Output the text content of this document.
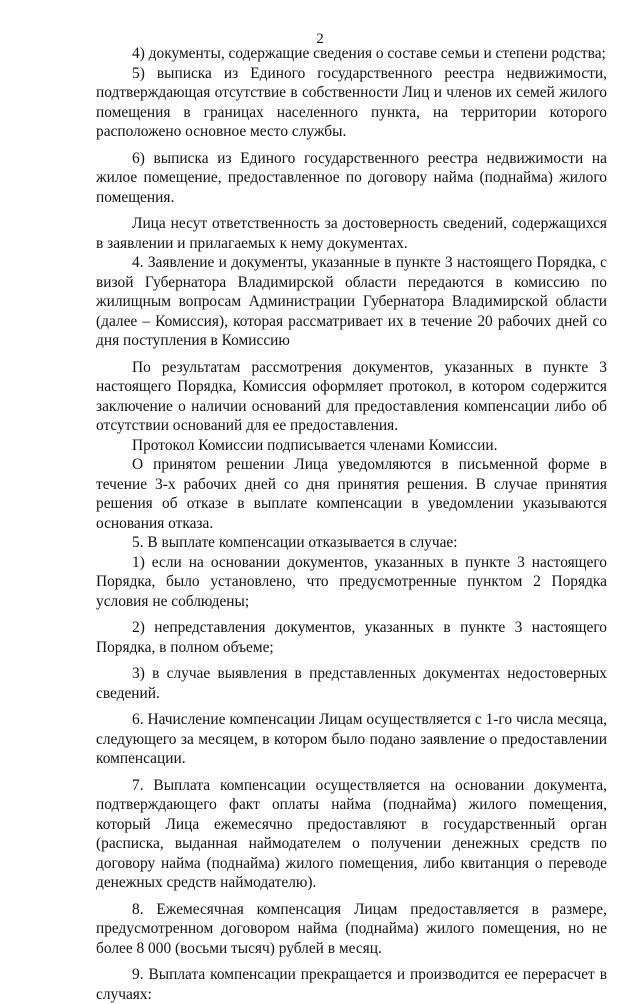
2

4) документы, содержащие сведения о составе семьи и степени родства;

5) выписка из Единого государственного реестра недвижимости, подтверждающая отсутствие в собственности Лиц и членов их семей жилого помещения в границах населенного пункта, на территории которого расположено основное место службы.

6) выписка из Единого государственного реестра недвижимости на жилое помещение, предоставленное по договору найма (поднайма) жилого помещения.

Лица несут ответственность за достоверность сведений, содержащихся в заявлении и прилагаемых к нему документах.

4. Заявление и документы, указанные в пункте 3 настоящего Порядка, с визой Губернатора Владимирской области передаются в комиссию по жилищным вопросам Администрации Губернатора Владимирской области (далее – Комиссия), которая рассматривает их в течение 20 рабочих дней со дня поступления в Комиссию

По результатам рассмотрения документов, указанных в пункте 3 настоящего Порядка, Комиссия оформляет протокол, в котором содержится заключение о наличии оснований для предоставления компенсации либо об отсутствии оснований для ее предоставления.

Протокол Комиссии подписывается членами Комиссии.

О принятом решении Лица уведомляются в письменной форме в течение 3-х рабочих дней со дня принятия решения. В случае принятия решения об отказе в выплате компенсации в уведомлении указываются основания отказа.

5. В выплате компенсации отказывается в случае:

1) если на основании документов, указанных в пункте 3 настоящего Порядка, было установлено, что предусмотренные пунктом 2 Порядка условия не соблюдены;

2) непредставления документов, указанных в пункте 3 настоящего Порядка, в полном объеме;

3) в случае выявления в представленных документах недостоверных сведений.

6. Начисление компенсации Лицам осуществляется с 1-го числа месяца, следующего за месяцем, в котором было подано заявление о предоставлении компенсации.

7. Выплата компенсации осуществляется на основании документа, подтверждающего факт оплаты найма (поднайма) жилого помещения, который Лица ежемесячно предоставляют в государственный орган (расписка, выданная наймодателем о получении денежных средств по договору найма (поднайма) жилого помещения, либо квитанция о переводе денежных средств наймодателю).

8. Ежемесячная компенсация Лицам предоставляется в размере, предусмотренном договором найма (поднайма) жилого помещения, но не более 8 000 (восьми тысяч) рублей в месяц.

9. Выплата компенсации прекращается и производится ее перерасчет в случаях:
